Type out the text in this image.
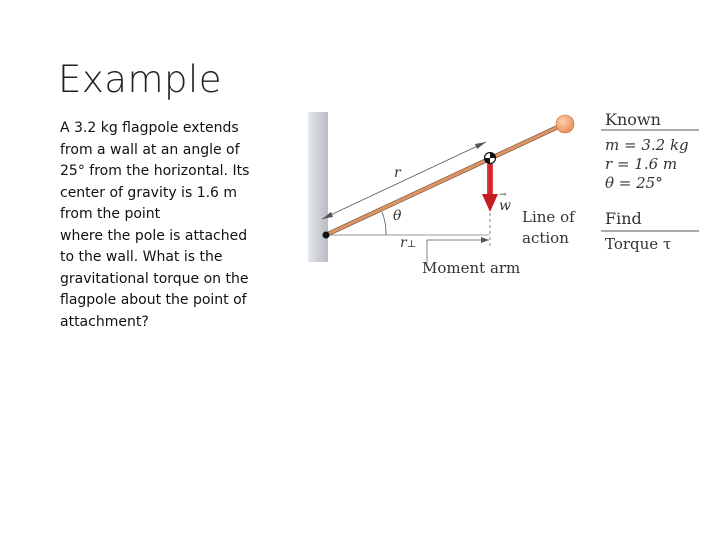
Example
A 3.2 kg flagpole extends
from a wall at an angle of
25° from the horizontal. Its
center of gravity is 1.6 m
from the point
where the pole is attached
to the wall. What is the
gravitational torque on the
flagpole about the point of
attachment?
r
θ
r⊥
→
w
Line of
action
Moment arm
Known
m = 3.2 kg
r = 1.6 m
θ = 25°
Find
Torque τ
